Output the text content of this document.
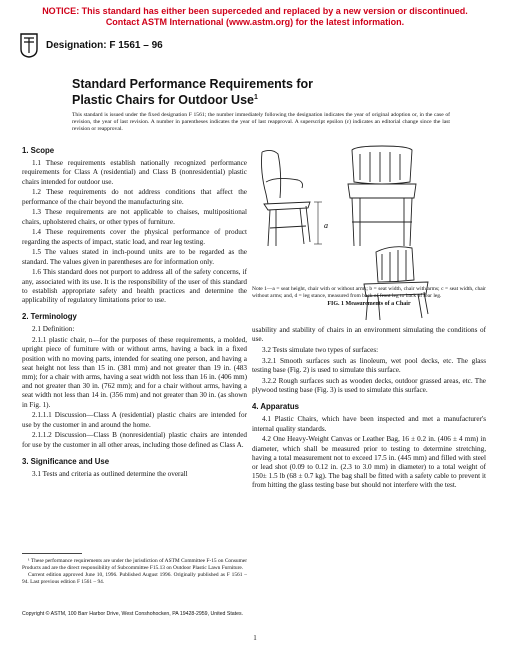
NOTICE: This standard has either been superceded and replaced by a new version or discontinued.
Contact ASTM International (www.astm.org) for the latest information.
Designation: F 1561 – 96

Standard Performance Requirements for

Plastic Chairs for Outdoor Use$^1$

This standard is issued under the fixed designation F 1561; the number immediately following the designation indicates the year of original adoption or, in the case of revision, the year of last revision. A number in parentheses indicates the year of last reapproval. A superscript epsilon (ε) indicates an editorial change since the last revision or reapproval.
1. Scope

1.1 These requirements establish nationally recognized performance requirements for Class A (residential) and Class B (nonresidential) plastic chairs intended for outdoor use.

1.2 These requirements do not address conditions that affect the performance of the chair beyond the manufacturing site.

1.3 These requirements are not applicable to chaises, multipositional chairs, upholstered chairs, or other types of furniture.

1.4 These requirements cover the physical performance of product regarding the aspects of impact, static load, and rear leg testing.

1.5 The values stated in inch-pound units are to be regarded as the standard. The values given in parentheses are for information only.

1.6 This standard does not purport to address all of the safety concerns, if any, associated with its use. It is the responsibility of the user of this standard to establish appropriate safety and health practices and determine the applicability of regulatory limitations prior to use.

2. Terminology

2.1 Definition:

2.1.1 plastic chair, n—for the purposes of these requirements, a molded, upright piece of furniture with or without arms, having a back in a fixed position with no moving parts, intended for seating one person, and having a seat height not less than 15 in. (381 mm) and not greater than 19 in. (483 mm); for a chair with arms, having a seat width not less than 16 in. (406 mm) and not greater than 30 in. (762 mm); and for a chair without arms, having a seat width not less than 14 in. (356 mm) and not greater than 30 in. (as shown in Fig. 1).

2.1.1.1 Discussion—Class A (residential) plastic chairs are intended for use by the customer in and around the home.

2.1.1.2 Discussion—Class B (nonresidential) plastic chairs are intended for use by the customer in all other areas, including those defined as Class A.

3. Significance and Use

3.1 Tests and criteria as outlined determine the overall

a
Note 1—a = seat height, chair with or without arms; b = seat width, chair with arms; c = seat width, chair without arms; and, d = leg stance, measured from back of front leg to back of rear leg.
FIG. 1 Measurements of a Chair

usability and stability of chairs in an environment simulating the conditions of use.

3.2 Tests simulate two types of surfaces:

3.2.1 Smooth surfaces such as linoleum, wet pool decks, etc. The glass testing base (Fig. 2) is used to simulate this surface.

3.2.2 Rough surfaces such as wooden decks, outdoor grassed areas, etc. The plywood testing base (Fig. 3) is used to simulate this surface.

4. Apparatus

4.1 Plastic Chairs, which have been inspected and met a manufacturer's internal quality standards.

4.2 One Heavy-Weight Canvas or Leather Bag, 16 ± 0.2 in. (406 ± 4 mm) in diameter, which shall be measured prior to testing to determine stretching, having a total measurement not to exceed 17.5 in. (445 mm) and filled with steel or lead shot (0.09 to 0.12 in. (2.3 to 3.0 mm) in diameter) to a total weight of 150± 1.5 lb (68 ± 0.7 kg). The bag shall be fitted with a safety cable to prevent it from hitting the glass testing base but should not interfere with the test.

¹ These performance requirements are under the jurisdiction of ASTM Committee F-15 on Consumer Products and are the direct responsibility of Subcommittee F15.13 on Outdoor Plastic Lawn Furniture.

Current edition approved June 10, 1996. Published August 1996. Originally published as F 1561 – 94. Last previous edition F 1561 – 94.

Copyright © ASTM, 100 Barr Harbor Drive, West Conshohocken, PA 19428-2959, United States.
1
